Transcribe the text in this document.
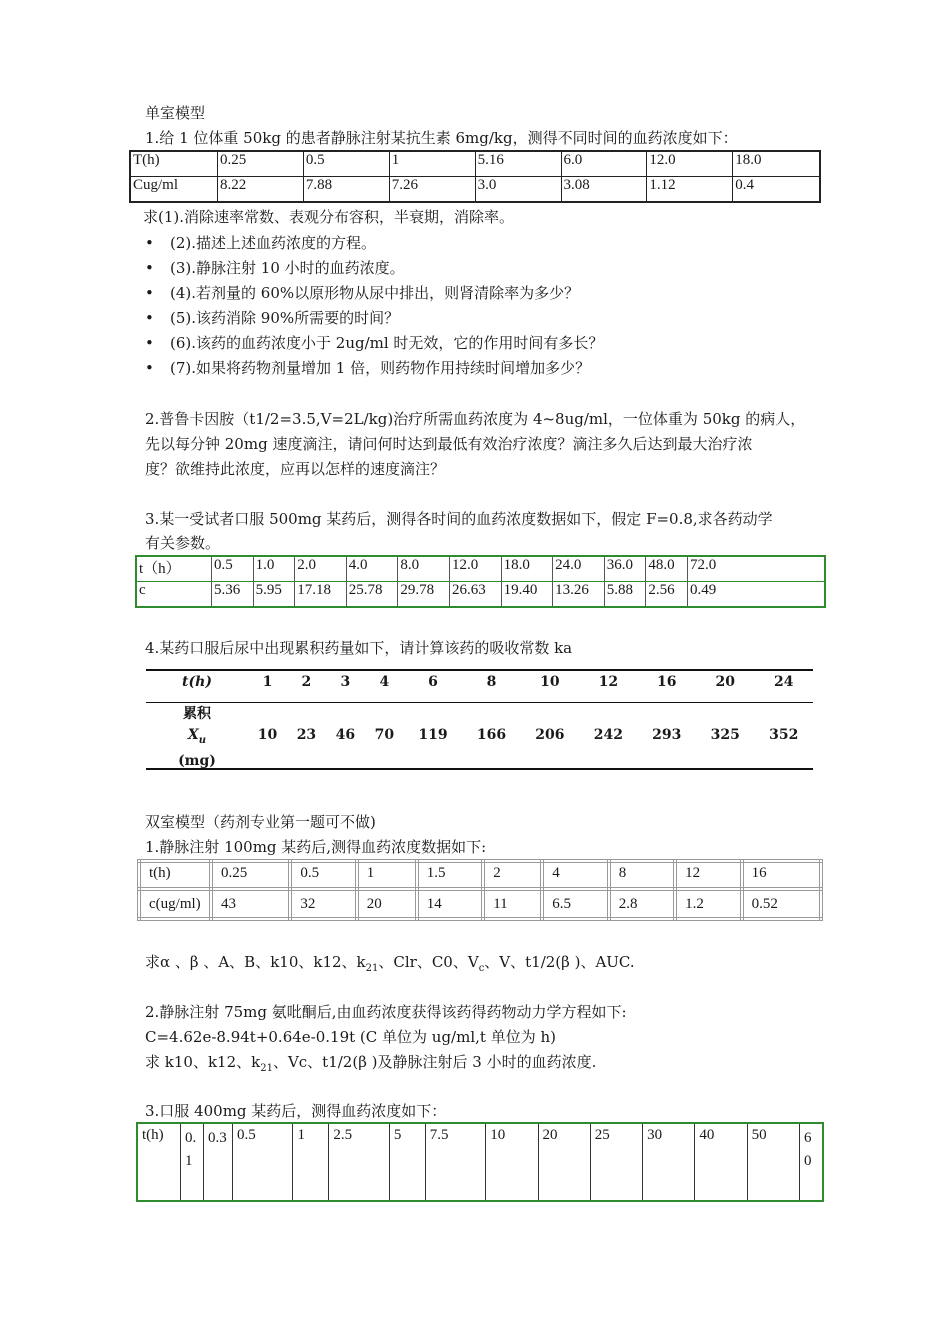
单室模型
1.给 1 位体重 50kg 的患者静脉注射某抗生素 6mg/kg，测得不同时间的血药浓度如下：
T(h)	0.25	0.5	1	5.16	6.0	12.0	18.0
Cug/ml	8.22	7.88	7.26	3.0	3.08	1.12	0.4
求(1).消除速率常数、表观分布容积，半衰期，消除率。
• (2).描述上述血药浓度的方程。
• (3).静脉注射 10 小时的血药浓度。
• (4).若剂量的 60%以原形物从尿中排出，则肾清除率为多少？
• (5).该药消除 90%所需要的时间？
• (6).该药的血药浓度小于 2ug/ml 时无效，它的作用时间有多长？
• (7).如果将药物剂量增加 1 倍，则药物作用持续时间增加多少？
2.普鲁卡因胺（t1/2=3.5,V=2L/kg)治疗所需血药浓度为 4~8ug/ml，一位体重为 50kg 的病人，
先以每分钟 20mg 速度滴注，请问何时达到最低有效治疗浓度？滴注多久后达到最大治疗浓
度？欲维持此浓度，应再以怎样的速度滴注？
3.某一受试者口服 500mg 某药后，测得各时间的血药浓度数据如下，假定 F=0.8,求各药动学
有关参数。
t（h）	0.5	1.0	2.0	4.0	8.0	12.0	18.0	24.0	36.0	48.0	72.0
c	5.36	5.95	17.18	25.78	29.78	26.63	19.40	13.26	5.88	2.56	0.49
4.某药口服后尿中出现累积药量如下，请计算该药的吸收常数 ka
t(h)	1	2	3	4	6	8	10	12	16	20	24

累积
$X_u$
(mg)	10	23	46	70	119	166	206	242	293	325	352
双室模型（药剂专业第一题可不做)
1.静脉注射 100mg 某药后,测得血药浓度数据如下:
t(h)	0.25	0.5	1	1.5	2	4	8	12	16
c(ug/ml)	43	32	20	14	11	6.5	2.8	1.2	0.52
求α 、β 、A、B、k10、k12、$k_{21}$、Clr、C0、$V_c$、V、t1/2(β )、AUC.
2.静脉注射 75mg 氨吡酮后,由血药浓度获得该药得药物动力学方程如下:
C=4.62e-8.94t+0.64e-0.19t (C 单位为 ug/ml,t 单位为 h)
求 k10、k12、$k_{21}$、Vc、t1/2(β )及静脉注射后 3 小时的血药浓度.
3.口服 400mg 某药后，测得血药浓度如下：
t(h)	0.1	0.3	0.5	1	2.5	5	7.5	10	20	25	30	40	50	60
